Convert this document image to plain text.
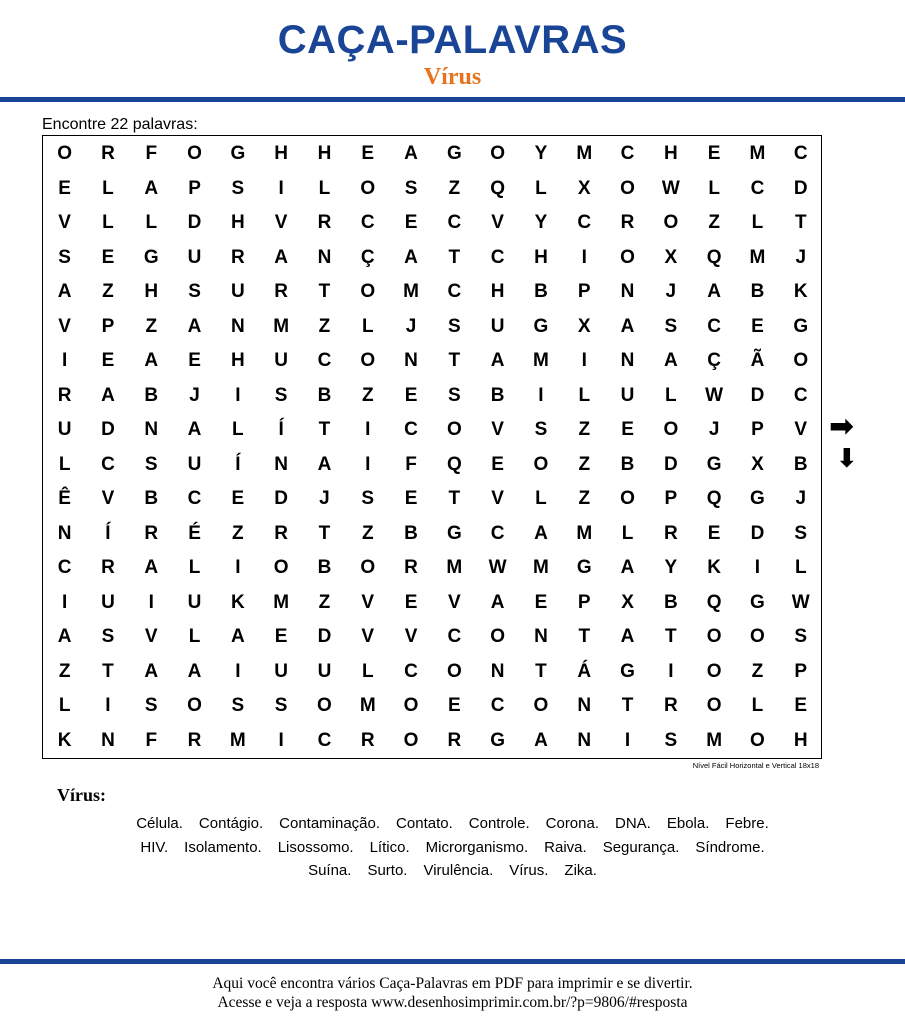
CAÇA-PALAVRAS
Vírus
Encontre 22 palavras:
O	R	F	O	G	H	H	E	A	G	O	Y	M	C	H	E	M	C
E	L	A	P	S	I	L	O	S	Z	Q	L	X	O	W	L	C	D
V	L	L	D	H	V	R	C	E	C	V	Y	C	R	O	Z	L	T
S	E	G	U	R	A	N	Ç	A	T	C	H	I	O	X	Q	M	J
A	Z	H	S	U	R	T	O	M	C	H	B	P	N	J	A	B	K
V	P	Z	A	N	M	Z	L	J	S	U	G	X	A	S	C	E	G
I	E	A	E	H	U	C	O	N	T	A	M	I	N	A	Ç	Ã	O
R	A	B	J	I	S	B	Z	E	S	B	I	L	U	L	W	D	C
U	D	N	A	L	Í	T	I	C	O	V	S	Z	E	O	J	P	V
L	C	S	U	Í	N	A	I	F	Q	E	O	Z	B	D	G	X	B
Ê	V	B	C	E	D	J	S	E	T	V	L	Z	O	P	Q	G	J
N	Í	R	É	Z	R	T	Z	B	G	C	A	M	L	R	E	D	S
C	R	A	L	I	O	B	O	R	M	W	M	G	A	Y	K	I	L
I	U	I	U	K	M	Z	V	E	V	A	E	P	X	B	Q	G	W
A	S	V	L	A	E	D	V	V	C	O	N	T	A	T	O	O	S
Z	T	A	A	I	U	U	L	C	O	N	T	Á	G	I	O	Z	P
L	I	S	O	S	S	O	M	O	E	C	O	N	T	R	O	L	E
K	N	F	R	M	I	C	R	O	R	G	A	N	I	S	M	O	H
Nível Fácil Horizontal e Vertical 18x18
➡
⬇
Vírus:
Célula. Contágio. Contaminação. Contato. Controle. Corona. DNA. Ebola. Febre.
HIV. Isolamento. Lisossomo. Lítico. Microrganismo. Raiva. Segurança. Síndrome.
Suína. Surto. Virulência. Vírus. Zika.
Aqui você encontra vários Caça-Palavras em PDF para imprimir e se divertir.
Acesse e veja a resposta www.desenhosimprimir.com.br/?p=9806/#resposta
